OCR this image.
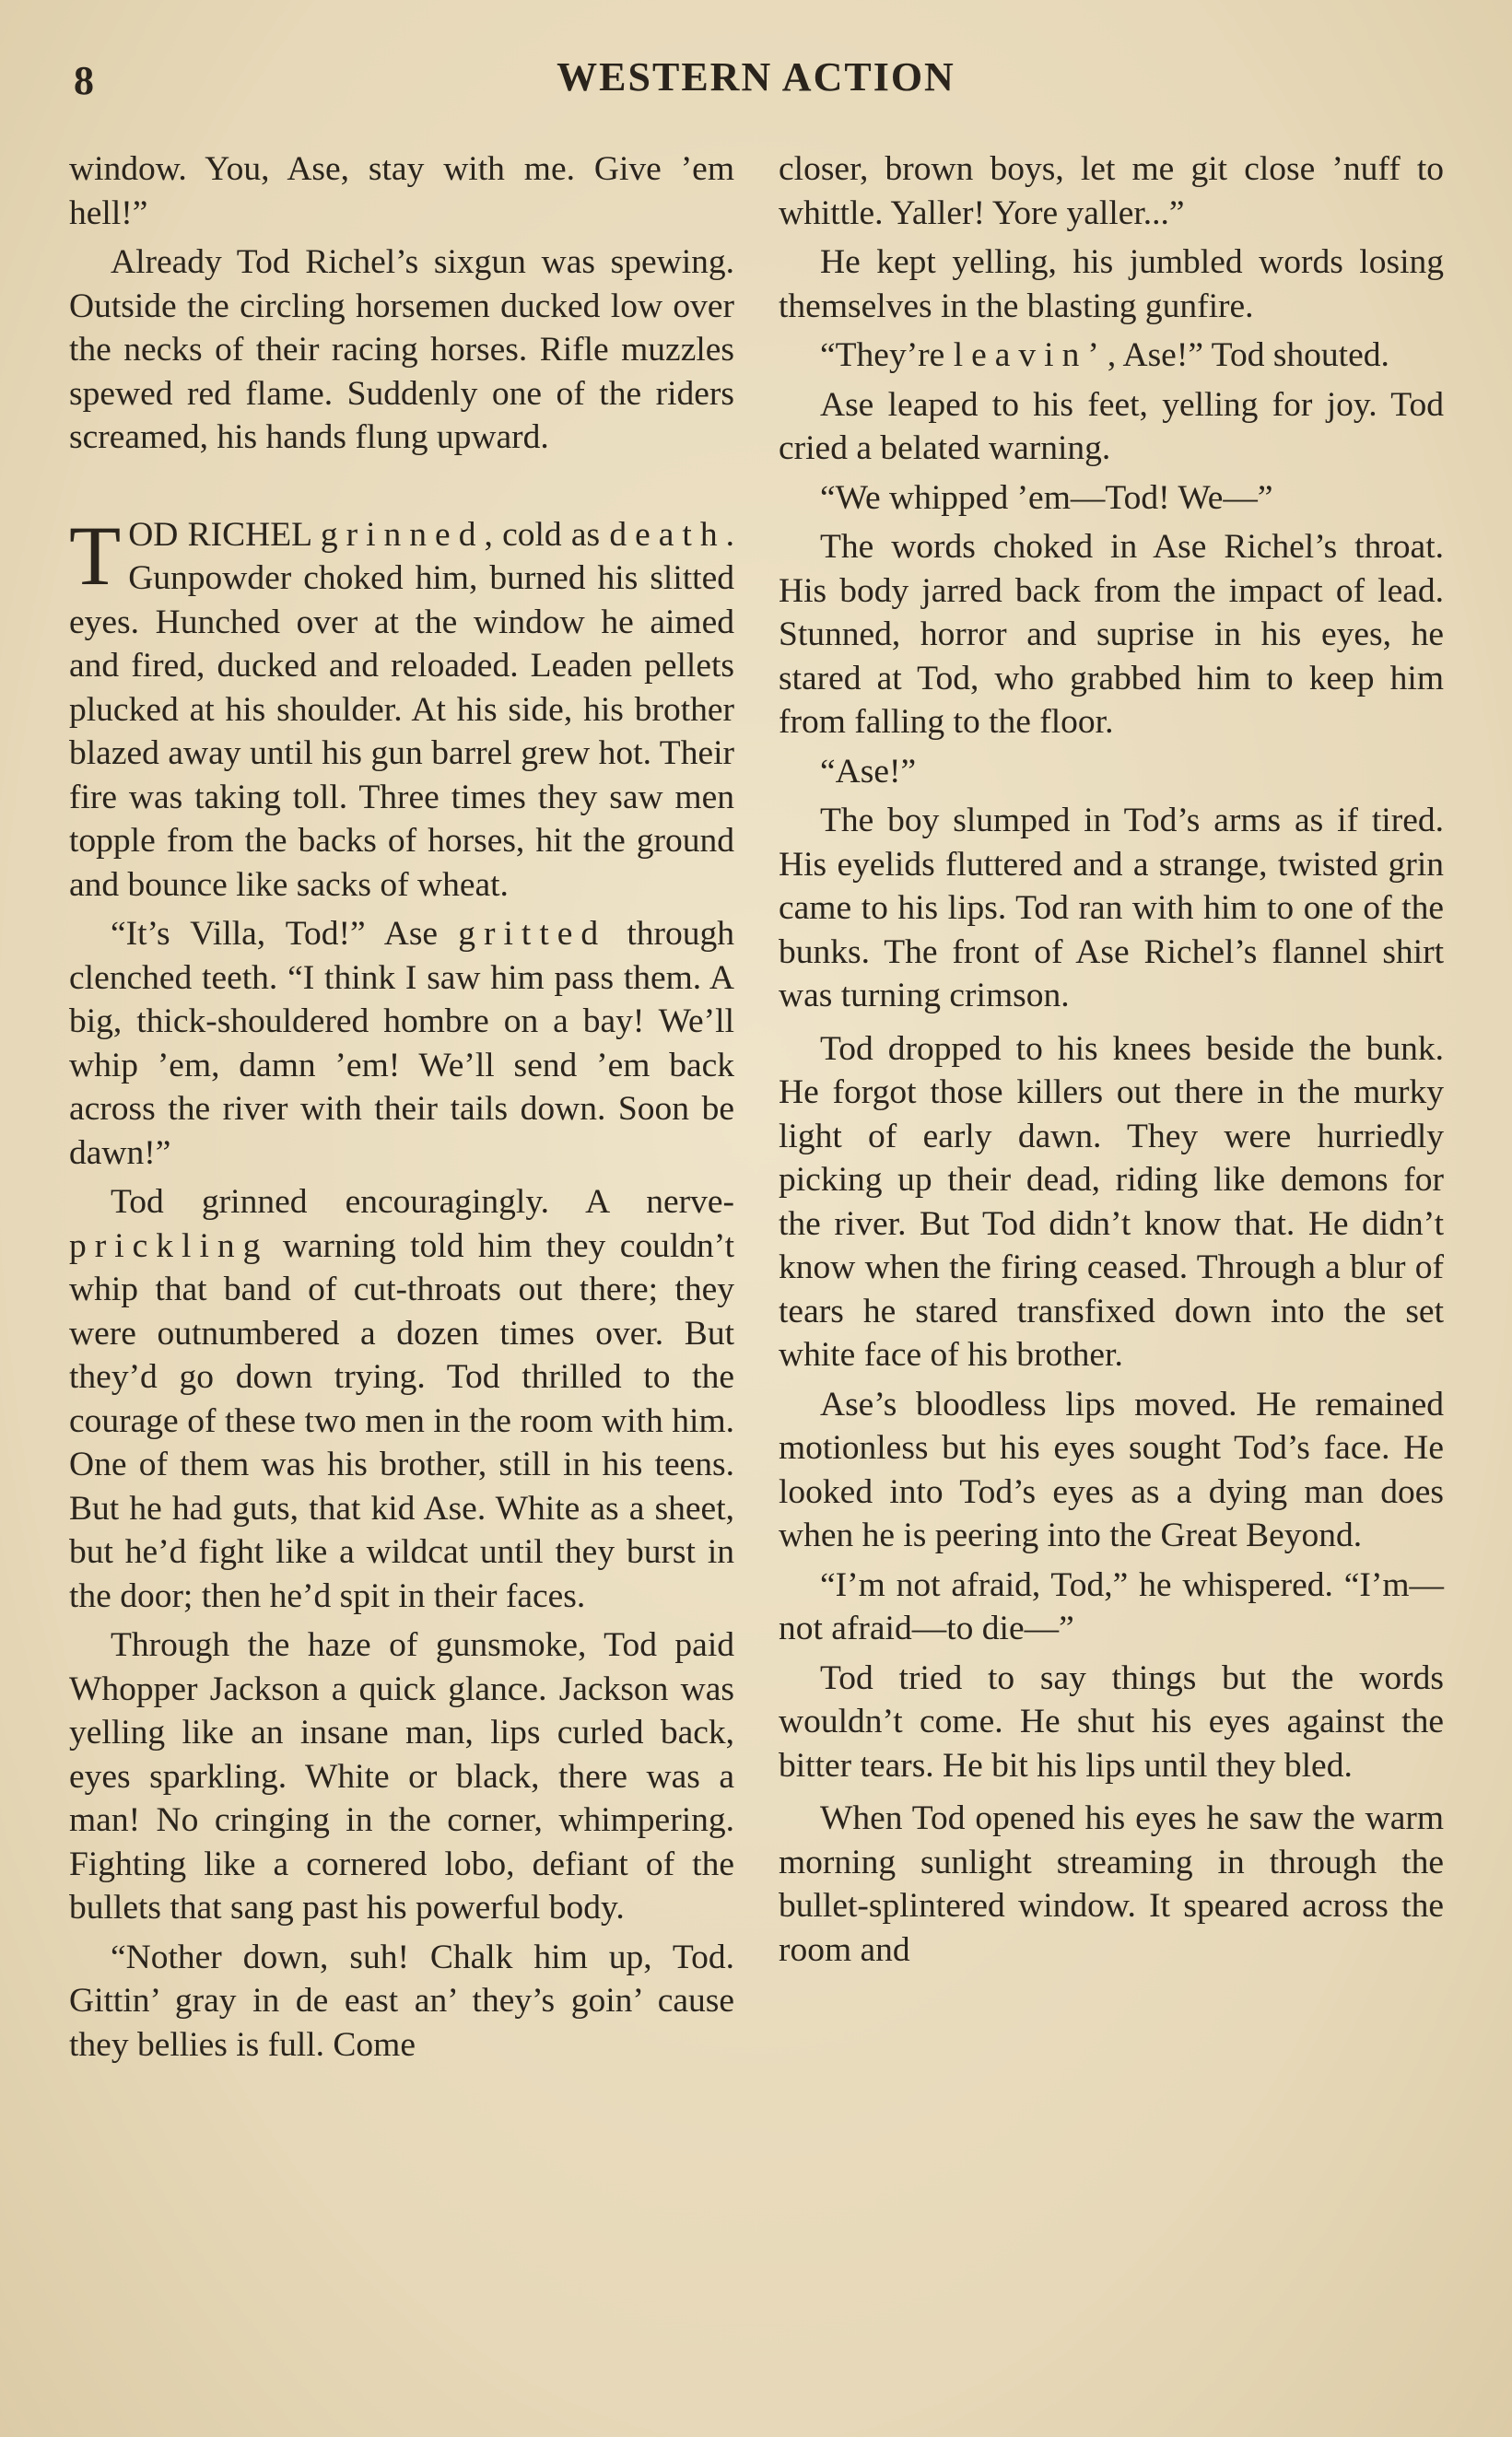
8	WESTERN ACTION

window. You, Ase, stay with me. Give ’em hell!”

Already Tod Richel’s sixgun was spewing. Outside the circling horsemen ducked low over the necks of their racing horses. Rifle muzzles spewed red flame. Suddenly one of the riders screamed, his hands flung upward.

TOD RICHEL grinned, cold as death. Gunpowder choked him, burned his slitted eyes. Hunched over at the window he aimed and fired, ducked and reloaded. Leaden pellets plucked at his shoulder. At his side, his brother blazed away until his gun barrel grew hot. Their fire was taking toll. Three times they saw men topple from the backs of horses, hit the ground and bounce like sacks of wheat.

“It’s Villa, Tod!” Ase gritted through clenched teeth. “I think I saw him pass them. A big, thick-shouldered hombre on a bay! We’ll whip ’em, damn ’em! We’ll send ’em back across the river with their tails down. Soon be dawn!”

Tod grinned encouragingly. A nerve-prickling warning told him they couldn’t whip that band of cut-throats out there; they were outnumbered a dozen times over. But they’d go down trying. Tod thrilled to the courage of these two men in the room with him. One of them was his brother, still in his teens. But he had guts, that kid Ase. White as a sheet, but he’d fight like a wildcat until they burst in the door; then he’d spit in their faces.

Through the haze of gunsmoke, Tod paid Whopper Jackson a quick glance. Jackson was yelling like an insane man, lips curled back, eyes sparkling. White or black, there was a man! No cringing in the corner, whimpering. Fighting like a cornered lobo, defiant of the bullets that sang past his powerful body.

“Nother down, suh! Chalk him up, Tod. Gittin’ gray in de east an’ they’s goin’ cause they bellies is full. Come

closer, brown boys, let me git close ’nuff to whittle. Yaller! Yore yaller...”

He kept yelling, his jumbled words losing themselves in the blasting gunfire.

“They’re leavin’, Ase!” Tod shouted.

Ase leaped to his feet, yelling for joy. Tod cried a belated warning.

“We whipped ’em—Tod! We—”

The words choked in Ase Richel’s throat. His body jarred back from the impact of lead. Stunned, horror and suprise in his eyes, he stared at Tod, who grabbed him to keep him from falling to the floor.

“Ase!”

The boy slumped in Tod’s arms as if tired. His eyelids fluttered and a strange, twisted grin came to his lips. Tod ran with him to one of the bunks. The front of Ase Richel’s flannel shirt was turning crimson.

Tod dropped to his knees beside the bunk. He forgot those killers out there in the murky light of early dawn. They were hurriedly picking up their dead, riding like demons for the river. But Tod didn’t know that. He didn’t know when the firing ceased. Through a blur of tears he stared transfixed down into the set white face of his brother.

Ase’s bloodless lips moved. He remained motionless but his eyes sought Tod’s face. He looked into Tod’s eyes as a dying man does when he is peering into the Great Beyond.

“I’m not afraid, Tod,” he whispered. “I’m—not afraid—to die—”

Tod tried to say things but the words wouldn’t come. He shut his eyes against the bitter tears. He bit his lips until they bled.

When Tod opened his eyes he saw the warm morning sunlight streaming in through the bullet-splintered window. It speared across the room and
